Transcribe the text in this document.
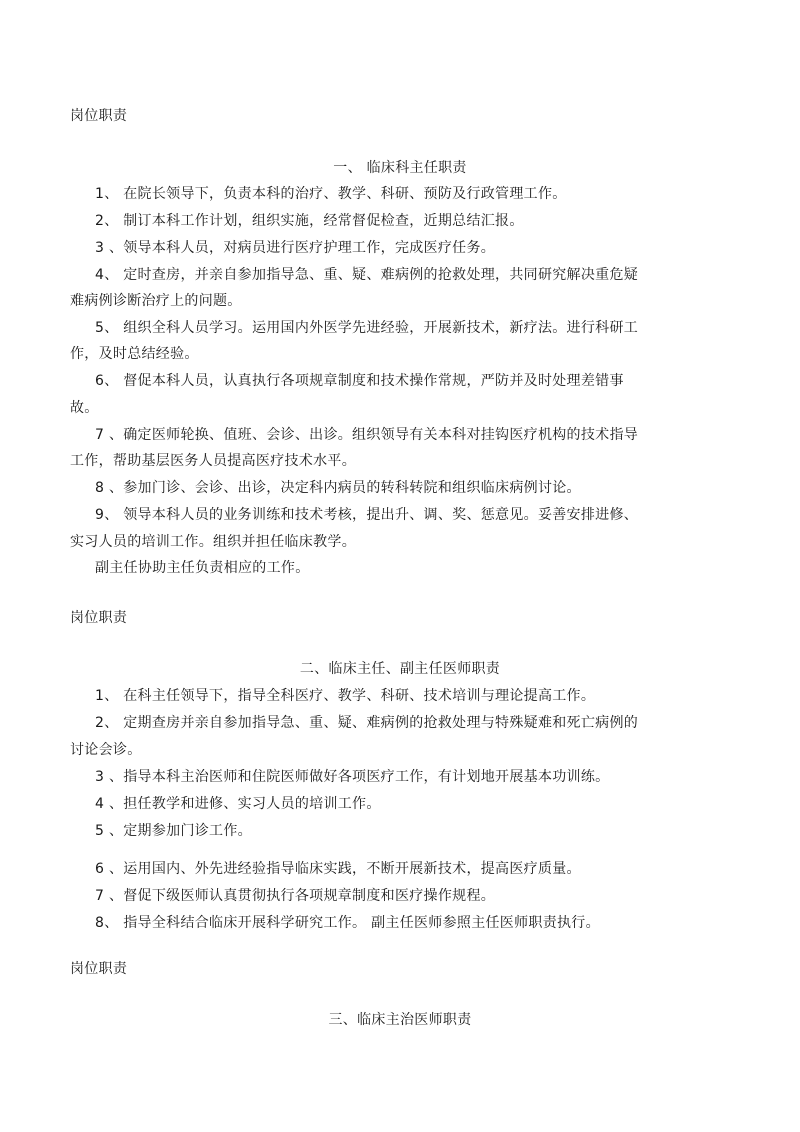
岗位职责
一、 临床科主任职责
1、 在院长领导下，负责本科的治疗、教学、科研、预防及行政管理工作。
2、 制订本科工作计划，组织实施，经常督促检查，近期总结汇报。
3 、领导本科人员，对病员进行医疗护理工作，完成医疗任务。
4、 定时查房，并亲自参加指导急、重、疑、难病例的抢救处理，共同研究解决重危疑
难病例诊断治疗上的问题。
5、 组织全科人员学习。运用国内外医学先进经验，开展新技术，新疗法。进行科研工
作，及时总结经验。
6、 督促本科人员，认真执行各项规章制度和技术操作常规，严防并及时处理差错事
故。
7 、确定医师轮换、值班、会诊、出诊。组织领导有关本科对挂钩医疗机构的技术指导
工作，帮助基层医务人员提高医疗技术水平。
8 、参加门诊、会诊、出诊，决定科内病员的转科转院和组织临床病例讨论。
9、 领导本科人员的业务训练和技术考核，提出升、调、奖、惩意见。妥善安排进修、
实习人员的培训工作。组织并担任临床教学。
副主任协助主任负责相应的工作。
岗位职责
二、临床主任、副主任医师职责
1、 在科主任领导下，指导全科医疗、教学、科研、技术培训与理论提高工作。
2、 定期查房并亲自参加指导急、重、疑、难病例的抢救处理与特殊疑难和死亡病例的
讨论会诊。
3 、指导本科主治医师和住院医师做好各项医疗工作，有计划地开展基本功训练。
4 、担任教学和进修、实习人员的培训工作。
5 、定期参加门诊工作。
6 、运用国内、外先进经验指导临床实践，不断开展新技术，提高医疗质量。
7 、督促下级医师认真贯彻执行各项规章制度和医疗操作规程。
8、 指导全科结合临床开展科学研究工作。 副主任医师参照主任医师职责执行。
岗位职责
三、临床主治医师职责
